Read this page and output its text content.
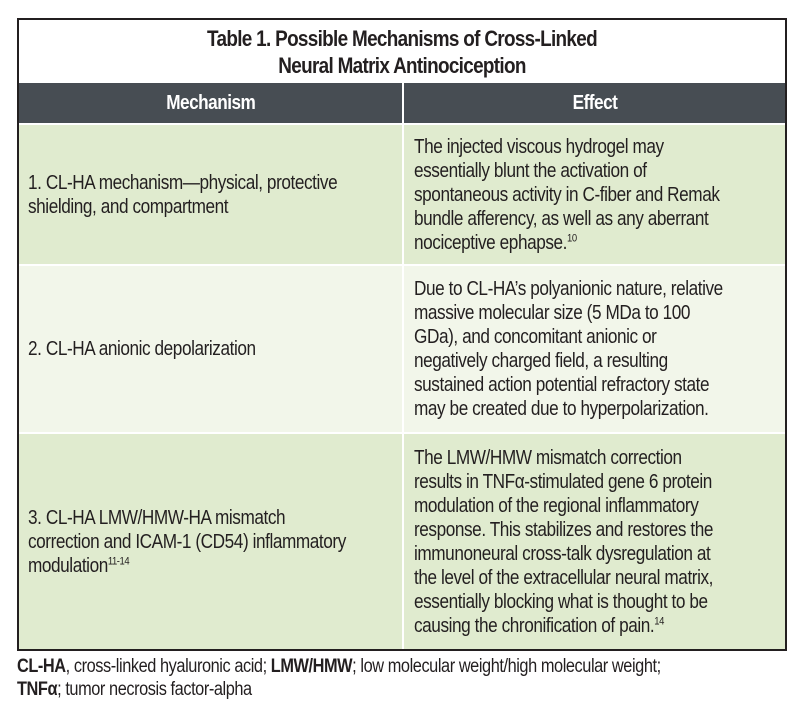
Table 1. Possible Mechanisms of Cross-Linked
Neural Matrix Antinociception
Mechanism	Effect
1. CL-HA mechanism—physical, protective shielding, and compartment
The injected viscous hydrogel may essentially blunt the activation of spontaneous activity in C-fiber and Remak bundle afferency, as well as any aberrant nociceptive ephapse.$^{10}$
2. CL-HA anionic depolarization
Due to CL-HA’s polyanionic nature, relative massive molecular size (5 MDa to 100 GDa), and concomitant anionic or negatively charged field, a resulting sustained action potential refractory state may be created due to hyperpolarization.
3. CL-HA LMW/HMW-HA mismatch correction and ICAM-1 (CD54) inflammatory modulation$^{11-14}$
The LMW/HMW mismatch correction results in TNFα-stimulated gene 6 protein modulation of the regional inflammatory response. This stabilizes and restores the immunoneural cross-talk dysregulation at the level of the extracellular neural matrix, essentially blocking what is thought to be causing the chronification of pain.$^{14}$
CL-HA, cross-linked hyaluronic acid; LMW/HMW; low molecular weight/high molecular weight;
TNFα; tumor necrosis factor-alpha
